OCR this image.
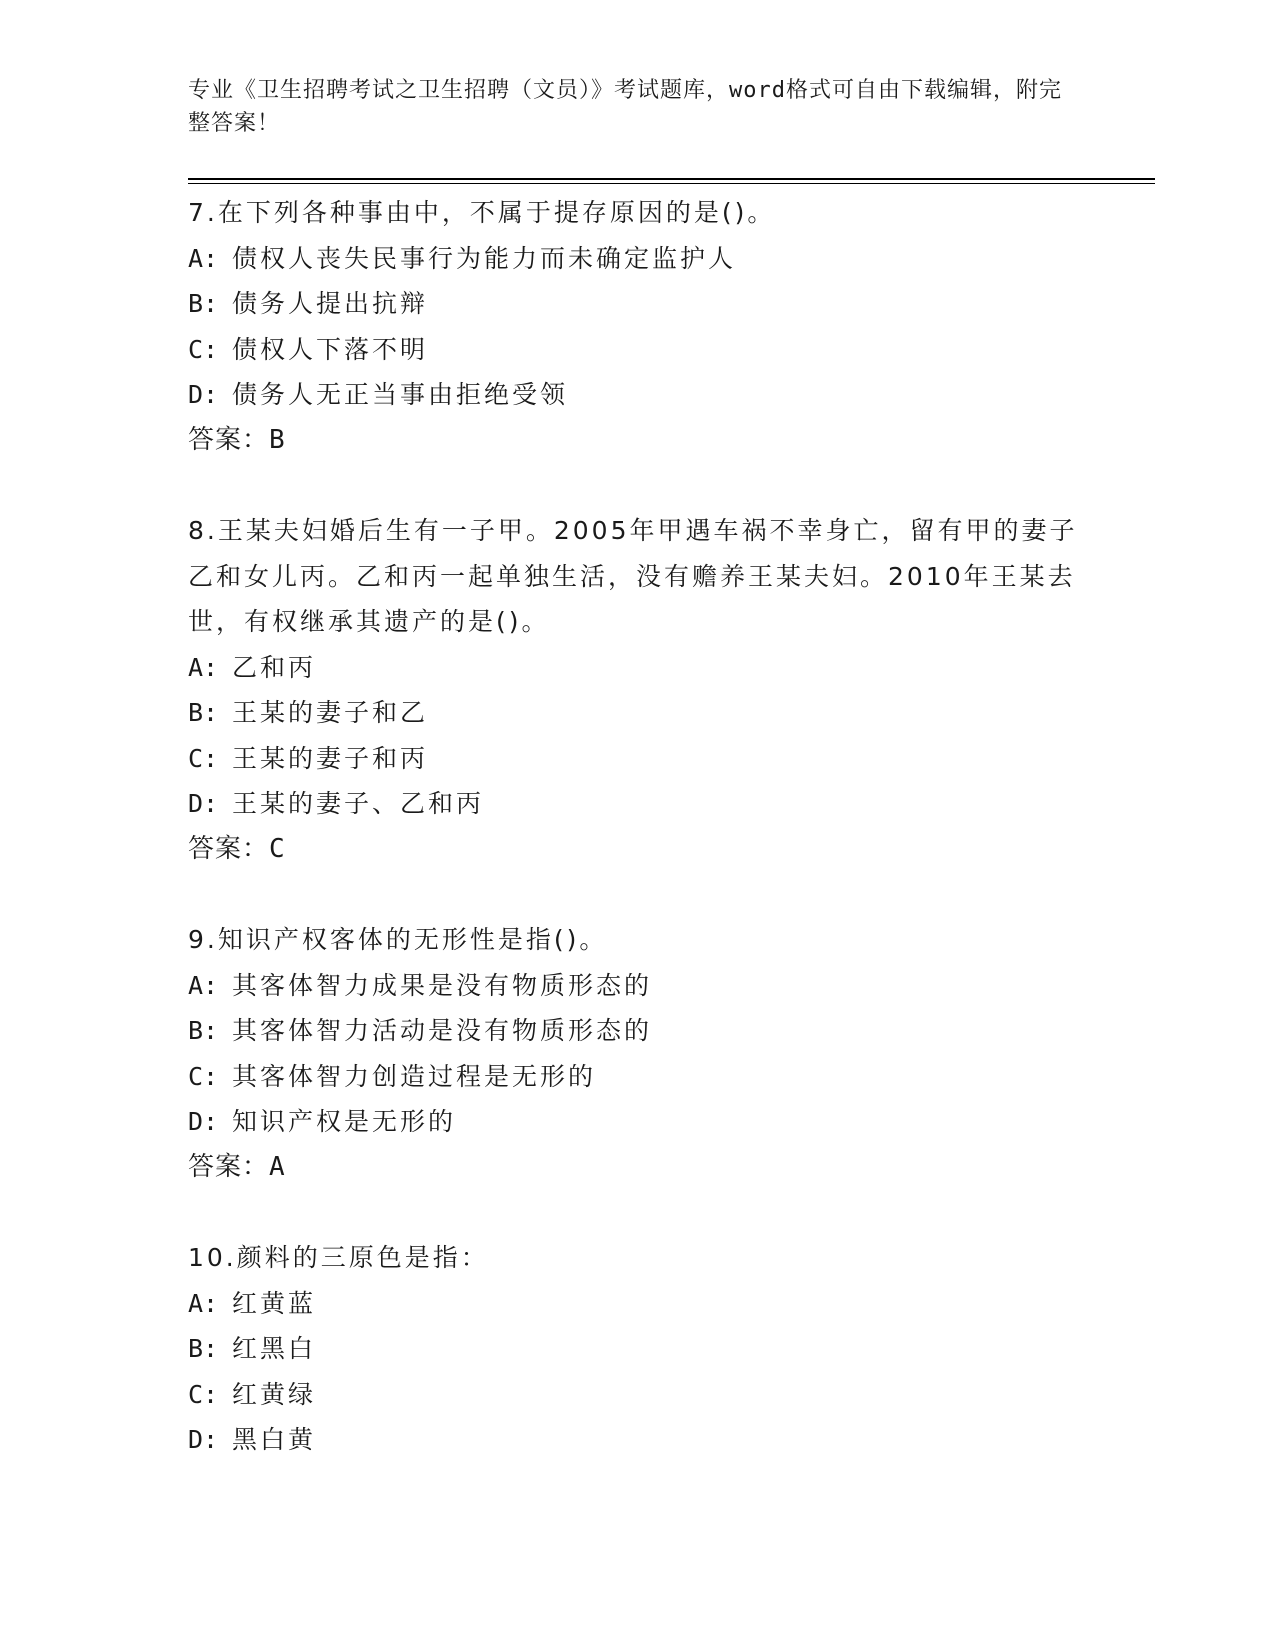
专业《卫生招聘考试之卫生招聘（文员）》考试题库，word格式可自由下载编辑，附完整答案！

7.在下列各种事由中，不属于提存原因的是()。

A: 债权人丧失民事行为能力而未确定监护人

B: 债务人提出抗辩

C: 债权人下落不明

D: 债务人无正当事由拒绝受领

答案：B

8.王某夫妇婚后生有一子甲。2005年甲遇车祸不幸身亡，留有甲的妻子乙和女儿丙。乙和丙一起单独生活，没有赡养王某夫妇。2010年王某去世，有权继承其遗产的是()。

A: 乙和丙

B: 王某的妻子和乙

C: 王某的妻子和丙

D: 王某的妻子、乙和丙

答案：C

9.知识产权客体的无形性是指()。

A: 其客体智力成果是没有物质形态的

B: 其客体智力活动是没有物质形态的

C: 其客体智力创造过程是无形的

D: 知识产权是无形的

答案：A

10.颜料的三原色是指：

A: 红黄蓝

B: 红黑白

C: 红黄绿

D: 黑白黄
